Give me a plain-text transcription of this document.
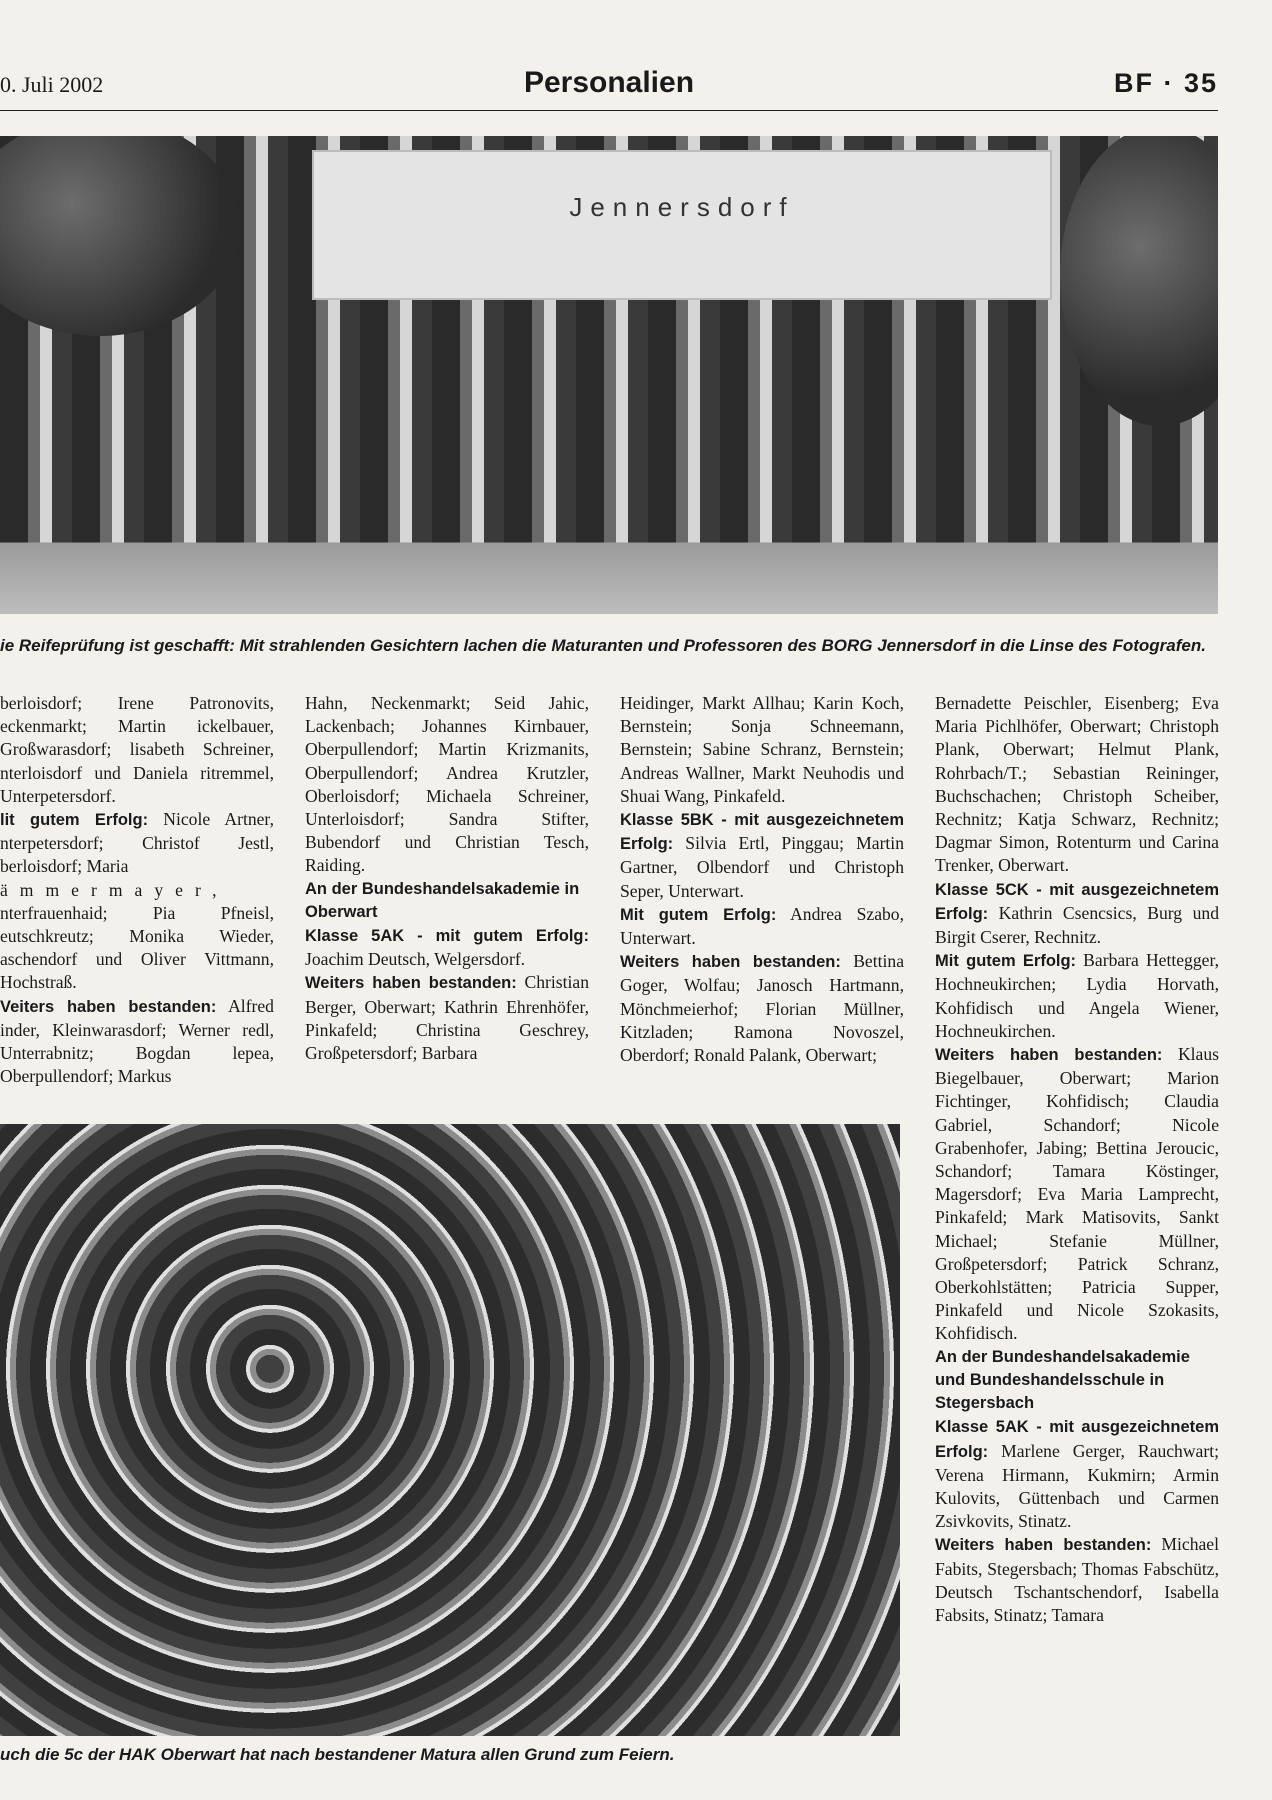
0. Juli 2002	Personalien	BF · 35
Jennersdorf
ie Reifeprüfung ist geschafft: Mit strahlenden Gesichtern lachen die Maturanten und Professoren des BORG Jennersdorf in die Linse des Fotografen.

berloisdorf; Irene Patronovits, eckenmarkt; Martin ickelbauer, Großwarasdorf; lisabeth Schreiner, nterloisdorf und Daniela ritremmel, Unterpetersdorf.

lit gutem Erfolg: Nicole Artner, nterpetersdorf; Christof Jestl, berloisdorf; Maria

ämmermayer,

nterfrauenhaid; Pia Pfneisl, eutschkreutz; Monika Wieder, aschendorf und Oliver Vittmann, Hochstraß.

Veiters haben bestanden: Alfred inder, Kleinwarasdorf; Werner redl, Unterrabnitz; Bogdan lepea, Oberpullendorf; Markus

Hahn, Neckenmarkt; Seid Jahic, Lackenbach; Johannes Kirnbauer, Oberpullendorf; Martin Krizmanits, Oberpullendorf; Andrea Krutzler, Oberloisdorf; Michaela Schreiner, Unterloisdorf; Sandra Stifter, Bubendorf und Christian Tesch, Raiding.

An der Bundeshandelsakademie in Oberwart

Klasse 5AK - mit gutem Erfolg: Joachim Deutsch, Welgersdorf.

Weiters haben bestanden: Christian Berger, Oberwart; Kathrin Ehrenhöfer, Pinkafeld; Christina Geschrey, Großpetersdorf; Barbara

Heidinger, Markt Allhau; Karin Koch, Bernstein; Sonja Schneemann, Bernstein; Sabine Schranz, Bernstein; Andreas Wallner, Markt Neuhodis und Shuai Wang, Pinkafeld.

Klasse 5BK - mit ausgezeichnetem Erfolg: Silvia Ertl, Pinggau; Martin Gartner, Olbendorf und Christoph Seper, Unterwart.

Mit gutem Erfolg: Andrea Szabo, Unterwart.

Weiters haben bestanden: Bettina Goger, Wolfau; Janosch Hartmann, Mönchmeierhof; Florian Müllner, Kitzladen; Ramona Novoszel, Oberdorf; Ronald Palank, Oberwart;

Bernadette Peischler, Eisenberg; Eva Maria Pichlhöfer, Oberwart; Christoph Plank, Oberwart; Helmut Plank, Rohrbach/T.; Sebastian Reininger, Buchschachen; Christoph Scheiber, Rechnitz; Katja Schwarz, Rechnitz; Dagmar Simon, Rotenturm und Carina Trenker, Oberwart.

Klasse 5CK - mit ausgezeichnetem Erfolg: Kathrin Csencsics, Burg und Birgit Cserer, Rechnitz.

Mit gutem Erfolg: Barbara Hettegger, Hochneukirchen; Lydia Horvath, Kohfidisch und Angela Wiener, Hochneukirchen.

Weiters haben bestanden: Klaus Biegelbauer, Oberwart; Marion Fichtinger, Kohfidisch; Claudia Gabriel, Schandorf; Nicole Grabenhofer, Jabing; Bettina Jeroucic, Schandorf; Tamara Köstinger, Magersdorf; Eva Maria Lamprecht, Pinkafeld; Mark Matisovits, Sankt Michael; Stefanie Müllner, Großpetersdorf; Patrick Schranz, Oberkohlstätten; Patricia Supper, Pinkafeld und Nicole Szokasits, Kohfidisch.

An der Bundeshandelsakademie und Bundeshandelsschule in Stegersbach

Klasse 5AK - mit ausgezeichnetem Erfolg: Marlene Gerger, Rauchwart; Verena Hirmann, Kukmirn; Armin Kulovits, Güttenbach und Carmen Zsivkovits, Stinatz.

Weiters haben bestanden: Michael Fabits, Stegersbach; Thomas Fabschütz, Deutsch Tschantschendorf, Isabella Fabsits, Stinatz; Tamara

uch die 5c der HAK Oberwart hat nach bestandener Matura allen Grund zum Feiern.
